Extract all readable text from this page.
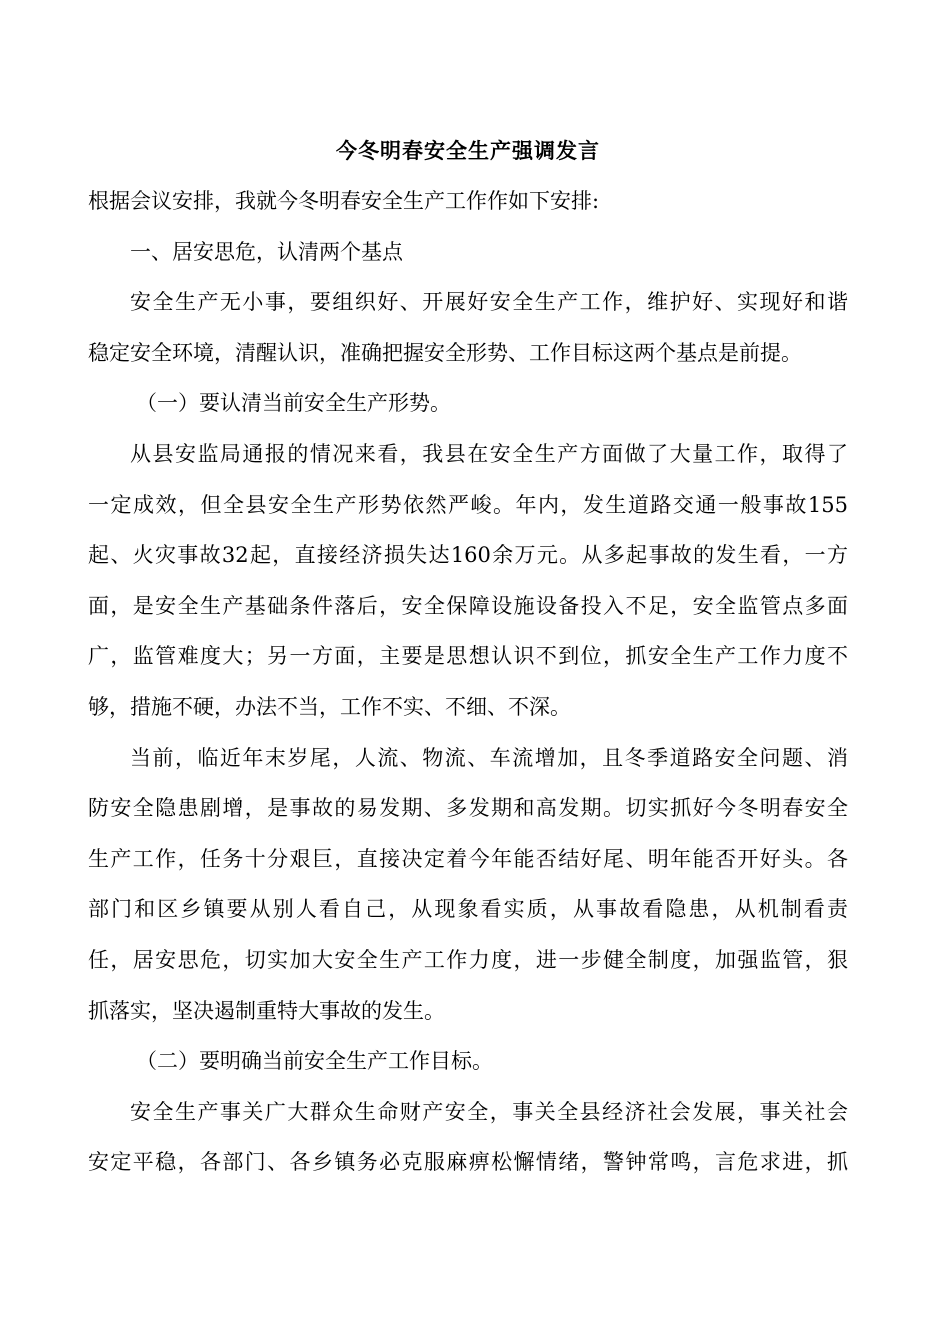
今冬明春安全生产强调发言
根据会议安排，我就今冬明春安全生产工作作如下安排:
一、居安思危，认清两个基点
安全生产无小事，要组织好、开展好安全生产工作，维护好、实现好和谐
稳定安全环境，清醒认识，准确把握安全形势、工作目标这两个基点是前提。
（一）要认清当前安全生产形势。
从县安监局通报的情况来看，我县在安全生产方面做了大量工作，取得了
一定成效，但全县安全生产形势依然严峻。年内，发生道路交通一般事故155
起、火灾事故32起，直接经济损失达160余万元。从多起事故的发生看，一方
面，是安全生产基础条件落后，安全保障设施设备投入不足，安全监管点多面
广，监管难度大；另一方面，主要是思想认识不到位，抓安全生产工作力度不
够，措施不硬，办法不当，工作不实、不细、不深。
当前，临近年末岁尾，人流、物流、车流增加，且冬季道路安全问题、消
防安全隐患剧增，是事故的易发期、多发期和高发期。切实抓好今冬明春安全
生产工作，任务十分艰巨，直接决定着今年能否结好尾、明年能否开好头。各
部门和区乡镇要从别人看自己，从现象看实质，从事故看隐患，从机制看责
任，居安思危，切实加大安全生产工作力度，进一步健全制度，加强监管，狠
抓落实，坚决遏制重特大事故的发生。
（二）要明确当前安全生产工作目标。
安全生产事关广大群众生命财产安全，事关全县经济社会发展，事关社会
安定平稳，各部门、各乡镇务必克服麻痹松懈情绪，警钟常鸣，言危求进，抓
